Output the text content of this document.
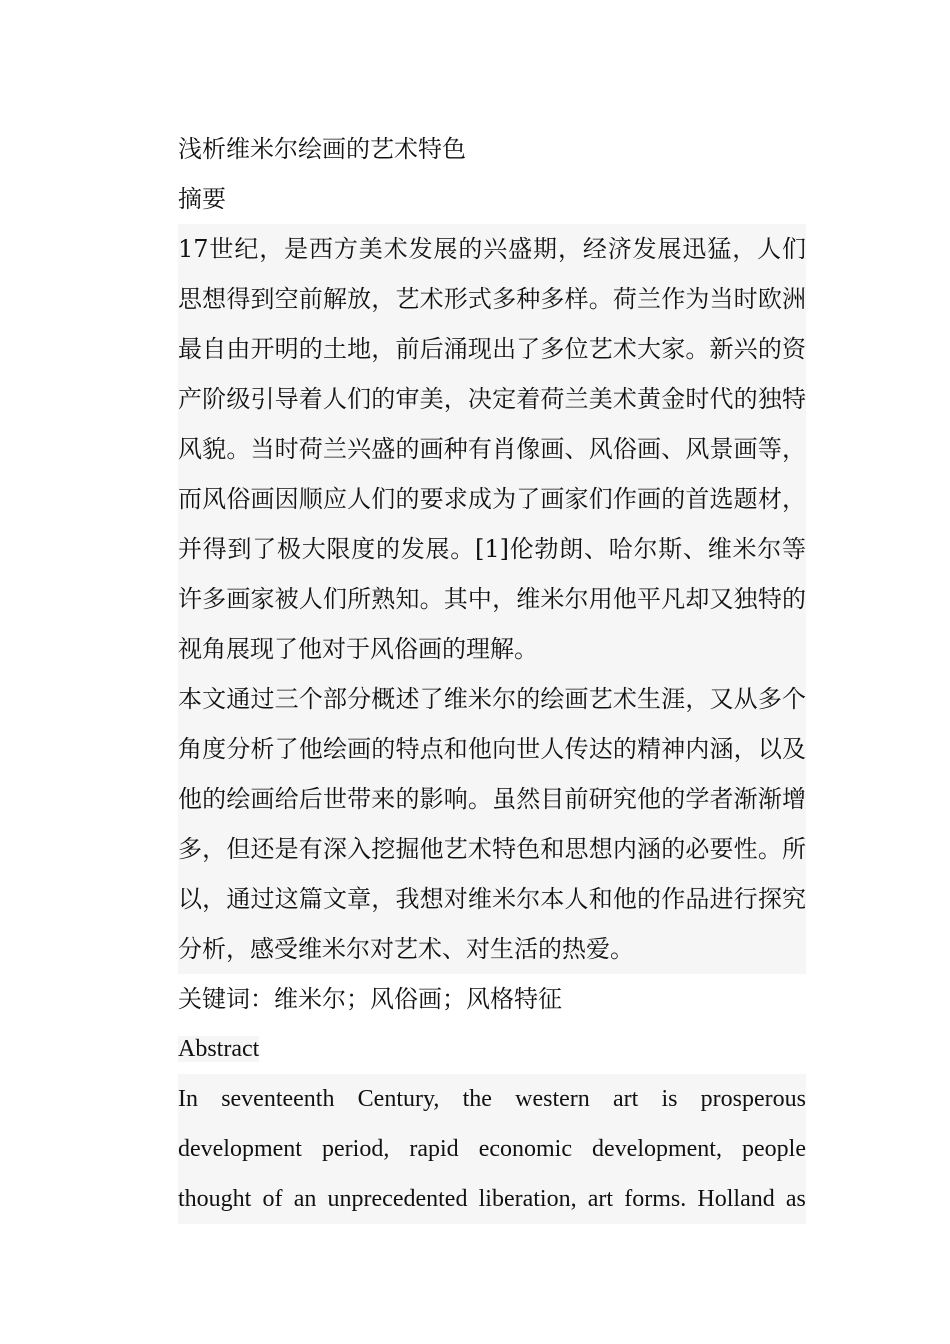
浅析维米尔绘画的艺术特色
摘要
17世纪，是西方美术发展的兴盛期，经济发展迅猛，人们思想得到空前解放，艺术形式多种多样。荷兰作为当时欧洲最自由开明的土地，前后涌现出了多位艺术大家。新兴的资产阶级引导着人们的审美，决定着荷兰美术黄金时代的独特风貌。当时荷兰兴盛的画种有肖像画、风俗画、风景画等，而风俗画因顺应人们的要求成为了画家们作画的首选题材，并得到了极大限度的发展。[1]伦勃朗、哈尔斯、维米尔等许多画家被人们所熟知。其中，维米尔用他平凡却又独特的视角展现了他对于风俗画的理解。
本文通过三个部分概述了维米尔的绘画艺术生涯，又从多个角度分析了他绘画的特点和他向世人传达的精神内涵，以及他的绘画给后世带来的影响。虽然目前研究他的学者渐渐增多，但还是有深入挖掘他艺术特色和思想内涵的必要性。所以，通过这篇文章，我想对维米尔本人和他的作品进行探究分析，感受维米尔对艺术、对生活的热爱。
关键词：维米尔；风俗画；风格特征
Abstract
In seventeenth Century, the western art is prosperous
development period, rapid economic development, people
thought of an unprecedented liberation, art forms. Holland as
